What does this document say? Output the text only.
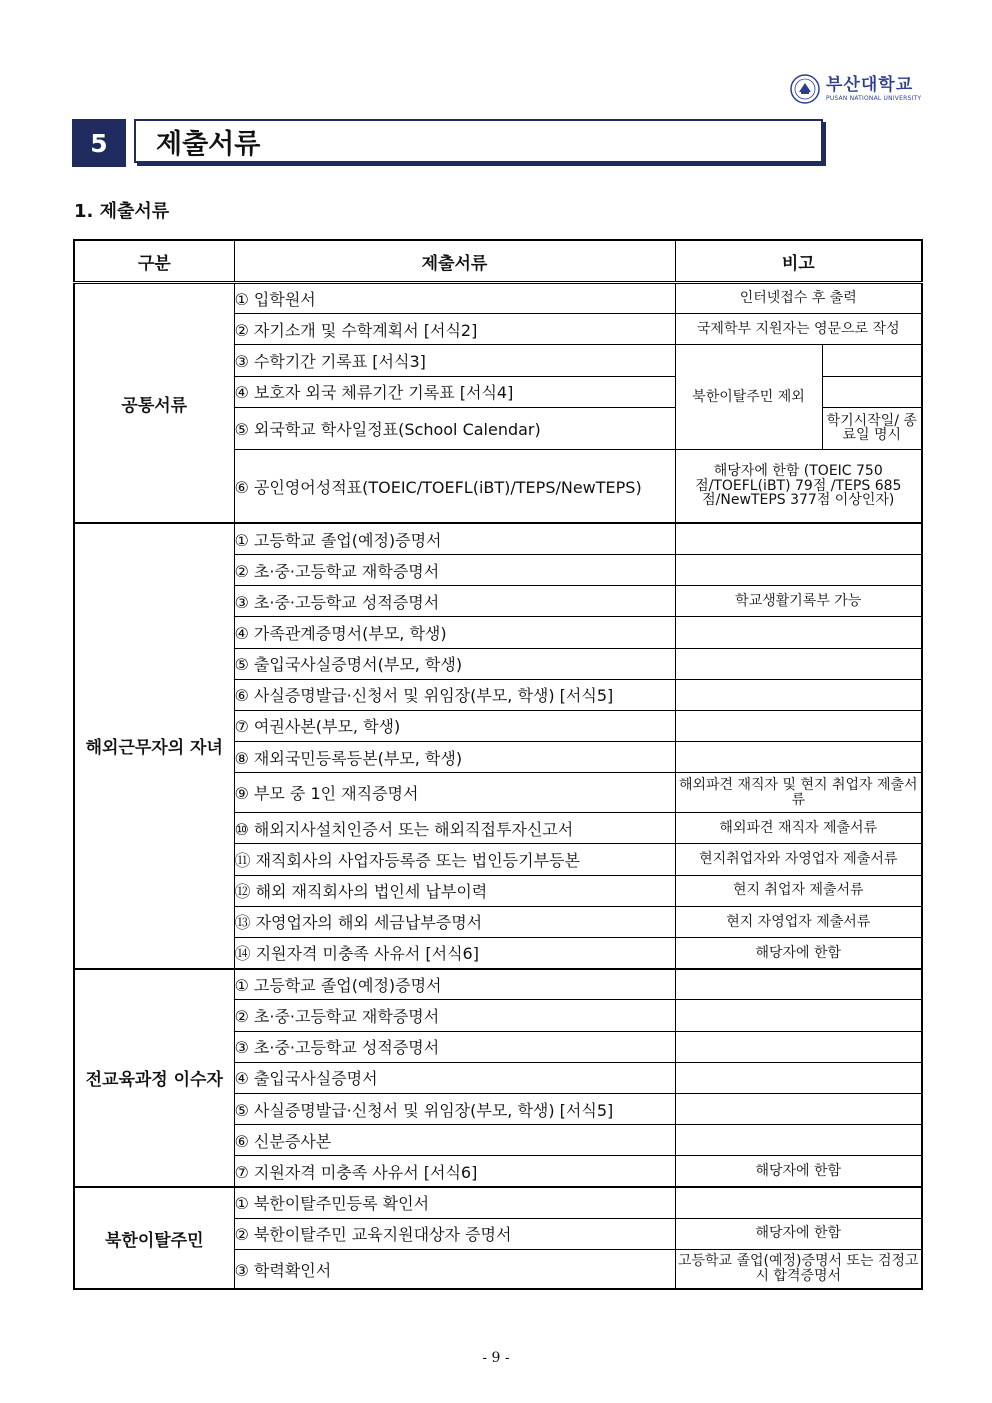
부산대학교
PUSAN NATIONAL UNIVERSITY
5	제출서류
1. 제출서류
구분	제출서류	비고	
공통서류	① 입학원서	인터넷접수 후 출력	
	② 자기소개 및 수학계획서 [서식2]	국제학부 지원자는 영문으로 작성	
	③ 수학기간 기록표 [서식3]	북한이탈주민 제외	
	④ 보호자 외국 체류기간 기록표 [서식4]		
	⑤ 외국학교 학사일정표(School Calendar)		학기시작일/ 종료일 명시
	⑥ 공인영어성적표(TOEIC/TOEFL(iBT)/TEPS/NewTEPS)	해당자에 한함 (TOEIC 750점/TOEFL(iBT) 79점 /TEPS 685점/NewTEPS 377점 이상인자)	
해외근무자의 자녀	① 고등학교 졸업(예정)증명서		
	② 초·중·고등학교 재학증명서		
	③ 초·중·고등학교 성적증명서	학교생활기록부 가능	
	④ 가족관계증명서(부모, 학생)		
	⑤ 출입국사실증명서(부모, 학생)		
	⑥ 사실증명발급·신청서 및 위임장(부모, 학생) [서식5]		
	⑦ 여권사본(부모, 학생)		
	⑧ 재외국민등록등본(부모, 학생)		
	⑨ 부모 중 1인 재직증명서	해외파견 재직자 및 현지 취업자 제출서류	
	⑩ 해외지사설치인증서 또는 해외직접투자신고서	해외파견 재직자 제출서류	
	⑪ 재직회사의 사업자등록증 또는 법인등기부등본	현지취업자와 자영업자 제출서류	
	⑫ 해외 재직회사의 법인세 납부이력	현지 취업자 제출서류	
	⑬ 자영업자의 해외 세금납부증명서	현지 자영업자 제출서류	
	⑭ 지원자격 미충족 사유서 [서식6]	해당자에 한함	
전교육과정 이수자	① 고등학교 졸업(예정)증명서		
	② 초·중·고등학교 재학증명서		
	③ 초·중·고등학교 성적증명서		
	④ 출입국사실증명서		
	⑤ 사실증명발급·신청서 및 위임장(부모, 학생) [서식5]		
	⑥ 신분증사본		
	⑦ 지원자격 미충족 사유서 [서식6]	해당자에 한함	
북한이탈주민	① 북한이탈주민등록 확인서		
	② 북한이탈주민 교육지원대상자 증명서	해당자에 한함	
	③ 학력확인서	고등학교 졸업(예정)증명서 또는 검정고시 합격증명서	
- 9 -
